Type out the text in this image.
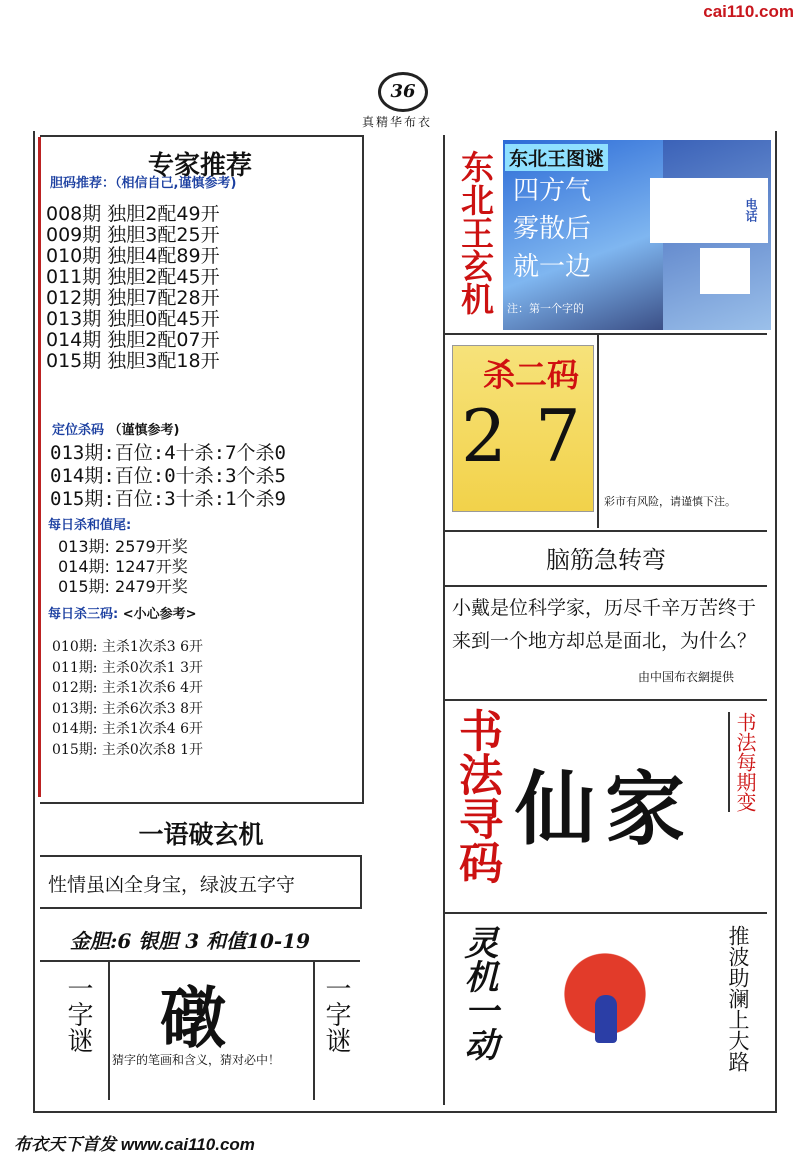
cai110.com
36
真精华布衣
专家推荐
胆码推荐：（相信自己,谨慎参考)
008期 独胆2配49开
009期 独胆3配25开
010期 独胆4配89开
011期 独胆2配45开
012期 独胆7配28开
013期 独胆0配45开
014期 独胆2配07开
015期 独胆3配18开
定位杀码 （谨慎参考)
013期:百位:4十杀:7个杀0
014期:百位:0十杀:3个杀5
015期:百位:3十杀:1个杀9
每日杀和值尾:
013期: 2579开奖
014期: 1247开奖
015期: 2479开奖
每日杀三码: <小心参考>
010期: 主杀1次杀3 6开
011期: 主杀0次杀1 3开
012期: 主杀1次杀6 4开
013期: 主杀6次杀3 8开
014期: 主杀1次杀4 6开
015期: 主杀0次杀8 1开
一语破玄机
性情虽凶全身宝，绿波五字守
金胆:6 银胆 3 和值10-19
一字谜 礅
猜字的笔画和含义，猜对必中！
一字谜
东北王玄机 东北王图谜
四方气
雾散后
就一边
注：第一个字的
电话
杀二码
2 7
彩市有风险，请谨慎下注。
脑筋急转弯
小戴是位科学家，历尽千辛万苦终于来到一个地方却总是面北，为什么？
由中国布衣網提供
书法寻码 仙家 书法每期变
灵机一动	推波助澜上大路
布衣天下首发 www.cai110.com
